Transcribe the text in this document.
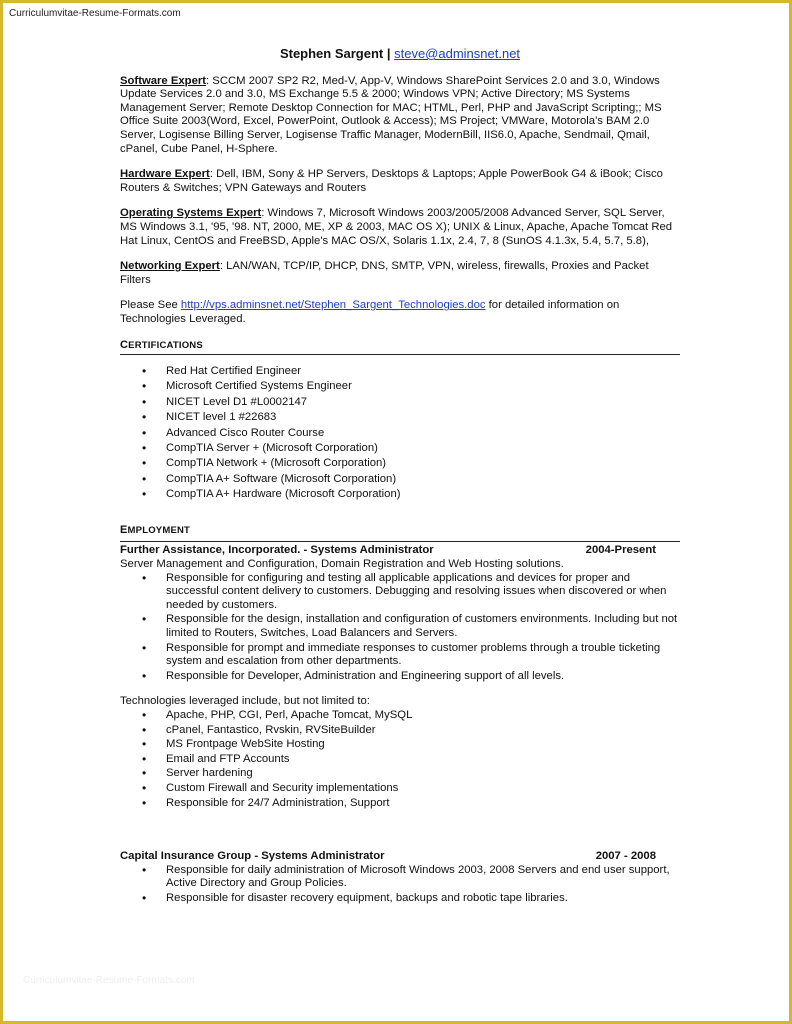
Curriculumvitae-Resume-Formats.com
Stephen Sargent | steve@adminsnet.net
Software Expert: SCCM 2007 SP2 R2, Med-V, App-V, Windows SharePoint Services 2.0 and 3.0, Windows Update Services 2.0 and 3.0, MS Exchange 5.5 & 2000; Windows VPN; Active Directory; MS Systems Management Server; Remote Desktop Connection for MAC; HTML, Perl, PHP and JavaScript Scripting;; MS Office Suite 2003(Word, Excel, PowerPoint, Outlook & Access); MS Project; VMWare, Motorola's BAM 2.0 Server, Logisense Billing Server, Logisense Traffic Manager, ModernBill, IIS6.0, Apache, Sendmail, Qmail, cPanel, Cube Panel, H-Sphere.
Hardware Expert: Dell, IBM, Sony & HP Servers, Desktops & Laptops; Apple PowerBook G4 & iBook; Cisco Routers & Switches; VPN Gateways and Routers
Operating Systems Expert: Windows 7, Microsoft Windows 2003/2005/2008 Advanced Server, SQL Server, MS Windows 3.1, '95, '98. NT, 2000, ME, XP & 2003, MAC OS X); UNIX & Linux, Apache, Apache Tomcat Red Hat Linux, CentOS and FreeBSD, Apple's MAC OS/X, Solaris 1.1x, 2.4, 7, 8 (SunOS 4.1.3x, 5.4, 5.7, 5.8),
Networking Expert: LAN/WAN, TCP/IP, DHCP, DNS, SMTP, VPN, wireless, firewalls, Proxies and Packet Filters
Please See http://vps.adminsnet.net/Stephen_Sargent_Technologies.doc for detailed information on Technologies Leveraged.
CERTIFICATIONS
• Red Hat Certified Engineer
• Microsoft Certified Systems Engineer
• NICET Level D1 #L0002147
• NICET level 1 #22683
• Advanced Cisco Router Course
• CompTIA Server + (Microsoft Corporation)
• CompTIA Network + (Microsoft Corporation)
• CompTIA A+ Software (Microsoft Corporation)
• CompTIA A+ Hardware (Microsoft Corporation)
EMPLOYMENT
Further Assistance, Incorporated. - Systems Administrator	2004-Present
Server Management and Configuration, Domain Registration and Web Hosting solutions.
• Responsible for configuring and testing all applicable applications and devices for proper and successful content delivery to customers. Debugging and resolving issues when discovered or when needed by customers.
• Responsible for the design, installation and configuration of customers environments. Including but not limited to Routers, Switches, Load Balancers and Servers.
• Responsible for prompt and immediate responses to customer problems through a trouble ticketing system and escalation from other departments.
• Responsible for Developer, Administration and Engineering support of all levels.
Technologies leveraged include, but not limited to:
• Apache, PHP, CGI, Perl, Apache Tomcat, MySQL
• cPanel, Fantastico, Rvskin, RVSiteBuilder
• MS Frontpage WebSite Hosting
• Email and FTP Accounts
• Server hardening
• Custom Firewall and Security implementations
• Responsible for 24/7 Administration, Support
Capital Insurance Group - Systems Administrator	2007 - 2008
• Responsible for daily administration of Microsoft Windows 2003, 2008 Servers and end user support, Active Directory and Group Policies.
• Responsible for disaster recovery equipment, backups and robotic tape libraries.
Curriculumvitae-Resume-Formats.com
